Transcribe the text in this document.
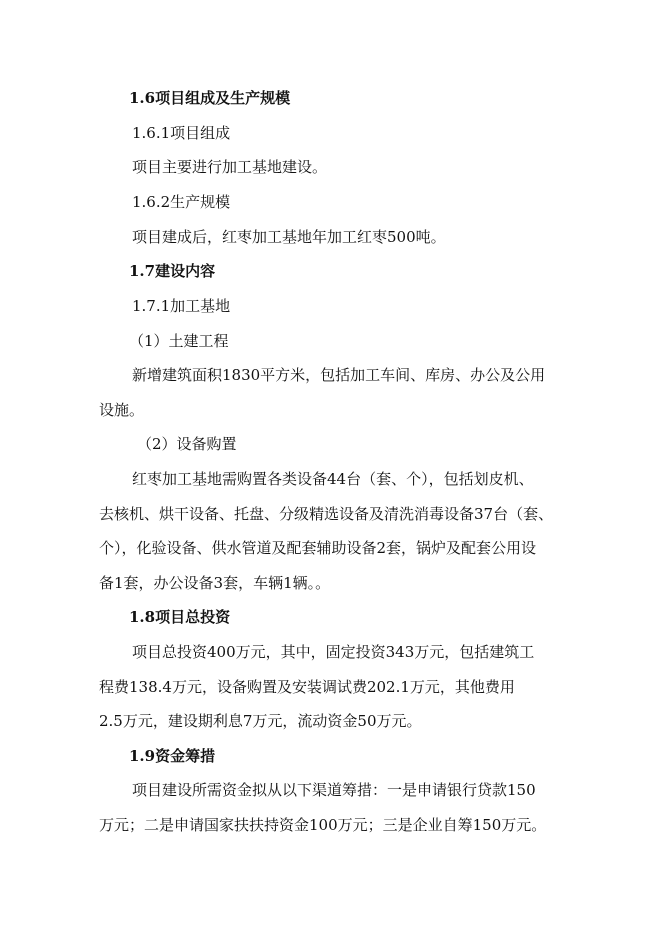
1.6项目组成及生产规模
1.6.1项目组成
项目主要进行加工基地建设。
1.6.2生产规模
项目建成后，红枣加工基地年加工红枣500吨。
1.7建设内容
1.7.1加工基地
（1）土建工程
新增建筑面积1830平方米，包括加工车间、库房、办公及公用
设施。
（2）设备购置
红枣加工基地需购置各类设备44台（套、个），包括划皮机、
去核机、烘干设备、托盘、分级精选设备及清洗消毒设备37台（套、
个），化验设备、供水管道及配套辅助设备2套，锅炉及配套公用设
备1套，办公设备3套，车辆1辆。。
1.8项目总投资
项目总投资400万元，其中，固定投资343万元，包括建筑工
程费138.4万元，设备购置及安装调试费202.1万元，其他费用
2.5万元，建设期利息7万元，流动资金50万元。
1.9资金筹措
项目建设所需资金拟从以下渠道筹措：一是申请银行贷款150
万元；二是申请国家扶扶持资金100万元；三是企业自筹150万元。
